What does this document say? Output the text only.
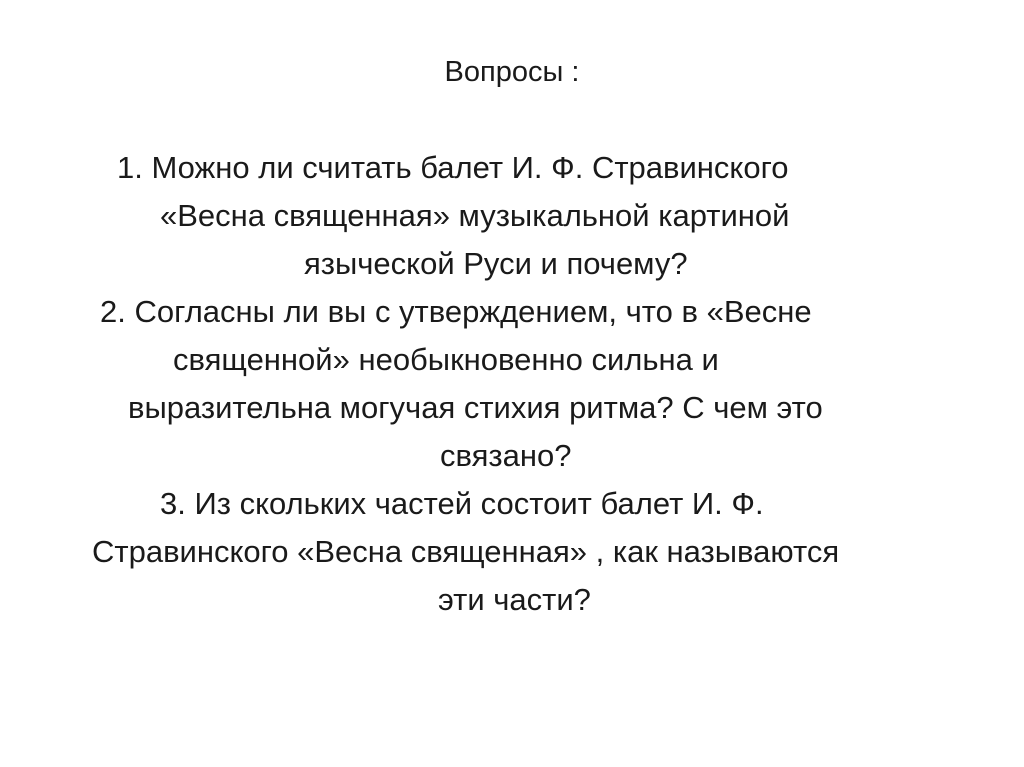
Вопросы :
1. Можно ли считать балет И. Ф. Стравинского
«Весна священная» музыкальной картиной
языческой Руси и почему?
2. Согласны ли вы с утверждением, что в «Весне
священной» необыкновенно сильна и
выразительна могучая стихия ритма? С чем это
связано?
3. Из скольких частей состоит балет И. Ф.
Стравинского «Весна священная» , как называются
эти части?
